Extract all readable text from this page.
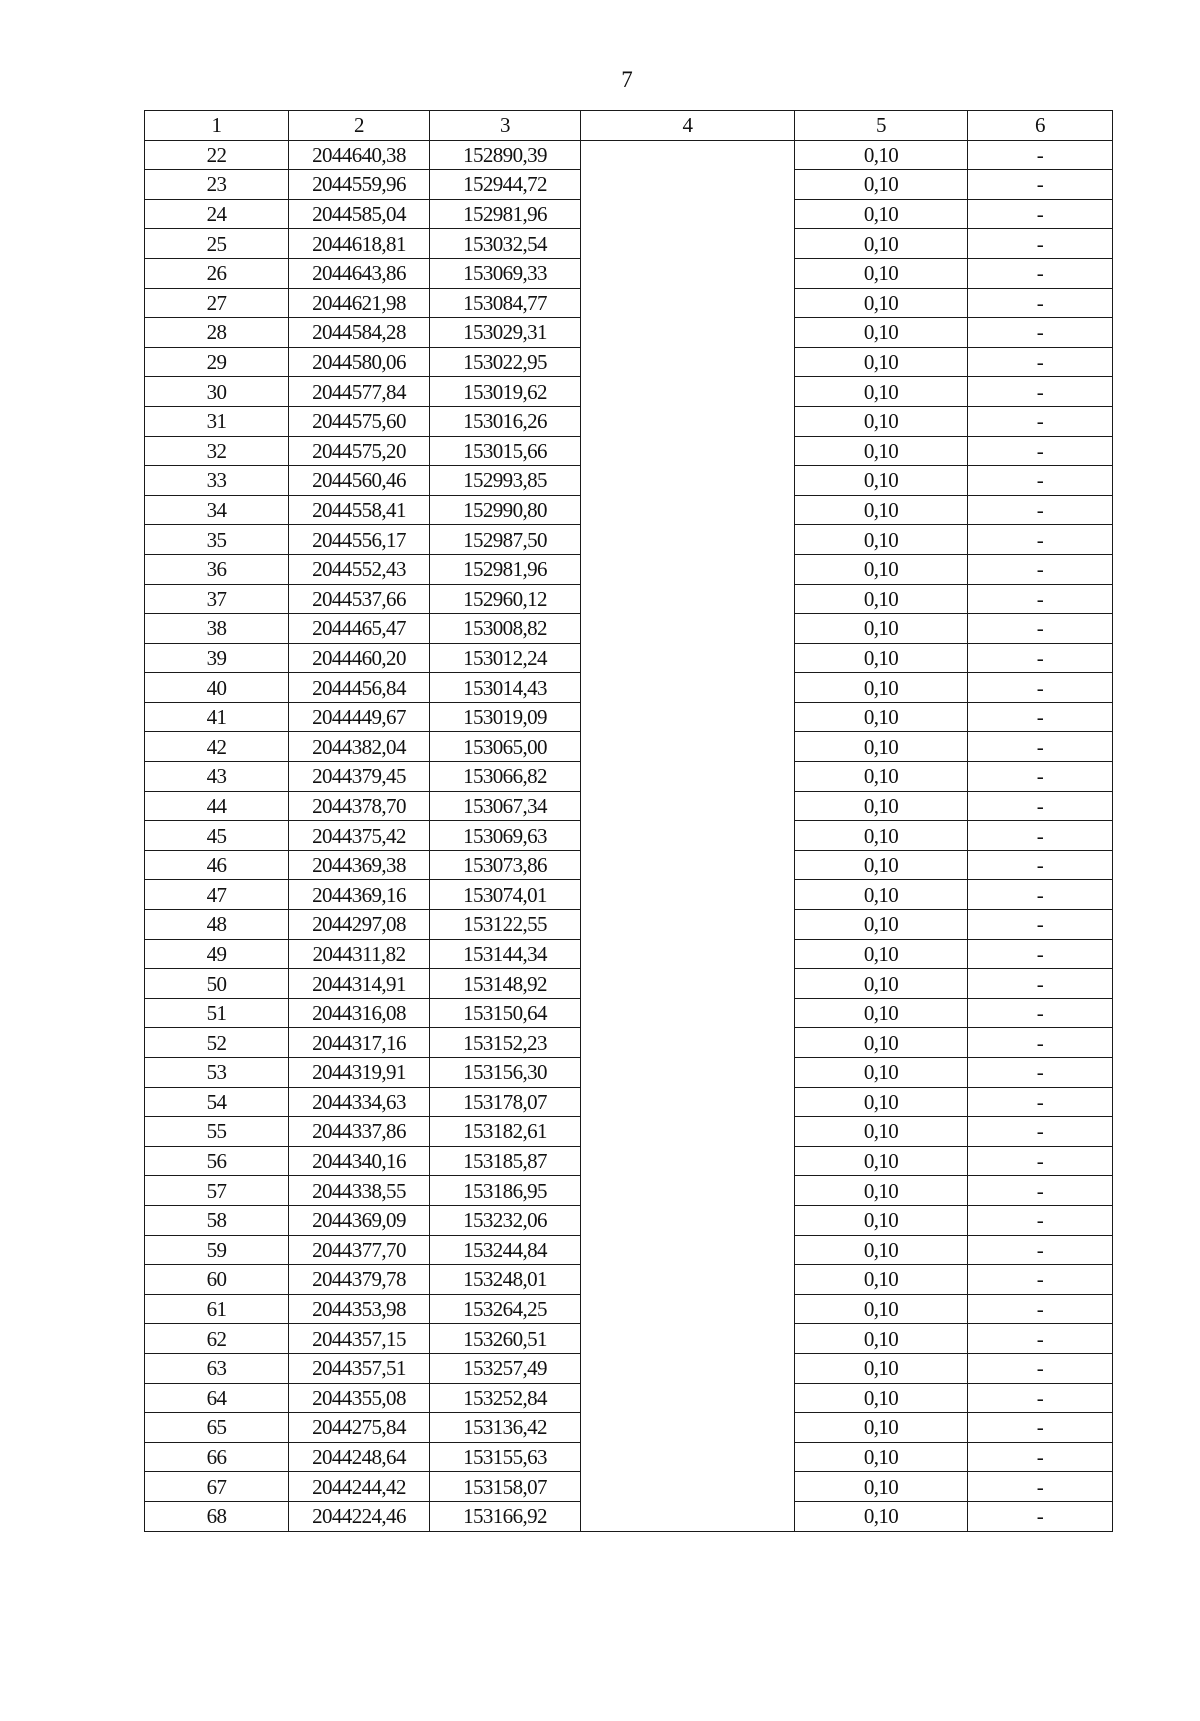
7
1	2	3	4	5	6
22	2044640,38	152890,39		0,10	-
23	2044559,96	152944,72		0,10	-
24	2044585,04	152981,96		0,10	-
25	2044618,81	153032,54		0,10	-
26	2044643,86	153069,33		0,10	-
27	2044621,98	153084,77		0,10	-
28	2044584,28	153029,31		0,10	-
29	2044580,06	153022,95		0,10	-
30	2044577,84	153019,62		0,10	-
31	2044575,60	153016,26		0,10	-
32	2044575,20	153015,66		0,10	-
33	2044560,46	152993,85		0,10	-
34	2044558,41	152990,80		0,10	-
35	2044556,17	152987,50		0,10	-
36	2044552,43	152981,96		0,10	-
37	2044537,66	152960,12		0,10	-
38	2044465,47	153008,82		0,10	-
39	2044460,20	153012,24		0,10	-
40	2044456,84	153014,43		0,10	-
41	2044449,67	153019,09		0,10	-
42	2044382,04	153065,00		0,10	-
43	2044379,45	153066,82		0,10	-
44	2044378,70	153067,34		0,10	-
45	2044375,42	153069,63		0,10	-
46	2044369,38	153073,86		0,10	-
47	2044369,16	153074,01		0,10	-
48	2044297,08	153122,55		0,10	-
49	2044311,82	153144,34		0,10	-
50	2044314,91	153148,92		0,10	-
51	2044316,08	153150,64		0,10	-
52	2044317,16	153152,23		0,10	-
53	2044319,91	153156,30		0,10	-
54	2044334,63	153178,07		0,10	-
55	2044337,86	153182,61		0,10	-
56	2044340,16	153185,87		0,10	-
57	2044338,55	153186,95		0,10	-
58	2044369,09	153232,06		0,10	-
59	2044377,70	153244,84		0,10	-
60	2044379,78	153248,01		0,10	-
61	2044353,98	153264,25		0,10	-
62	2044357,15	153260,51		0,10	-
63	2044357,51	153257,49		0,10	-
64	2044355,08	153252,84		0,10	-
65	2044275,84	153136,42		0,10	-
66	2044248,64	153155,63		0,10	-
67	2044244,42	153158,07		0,10	-
68	2044224,46	153166,92		0,10	-
